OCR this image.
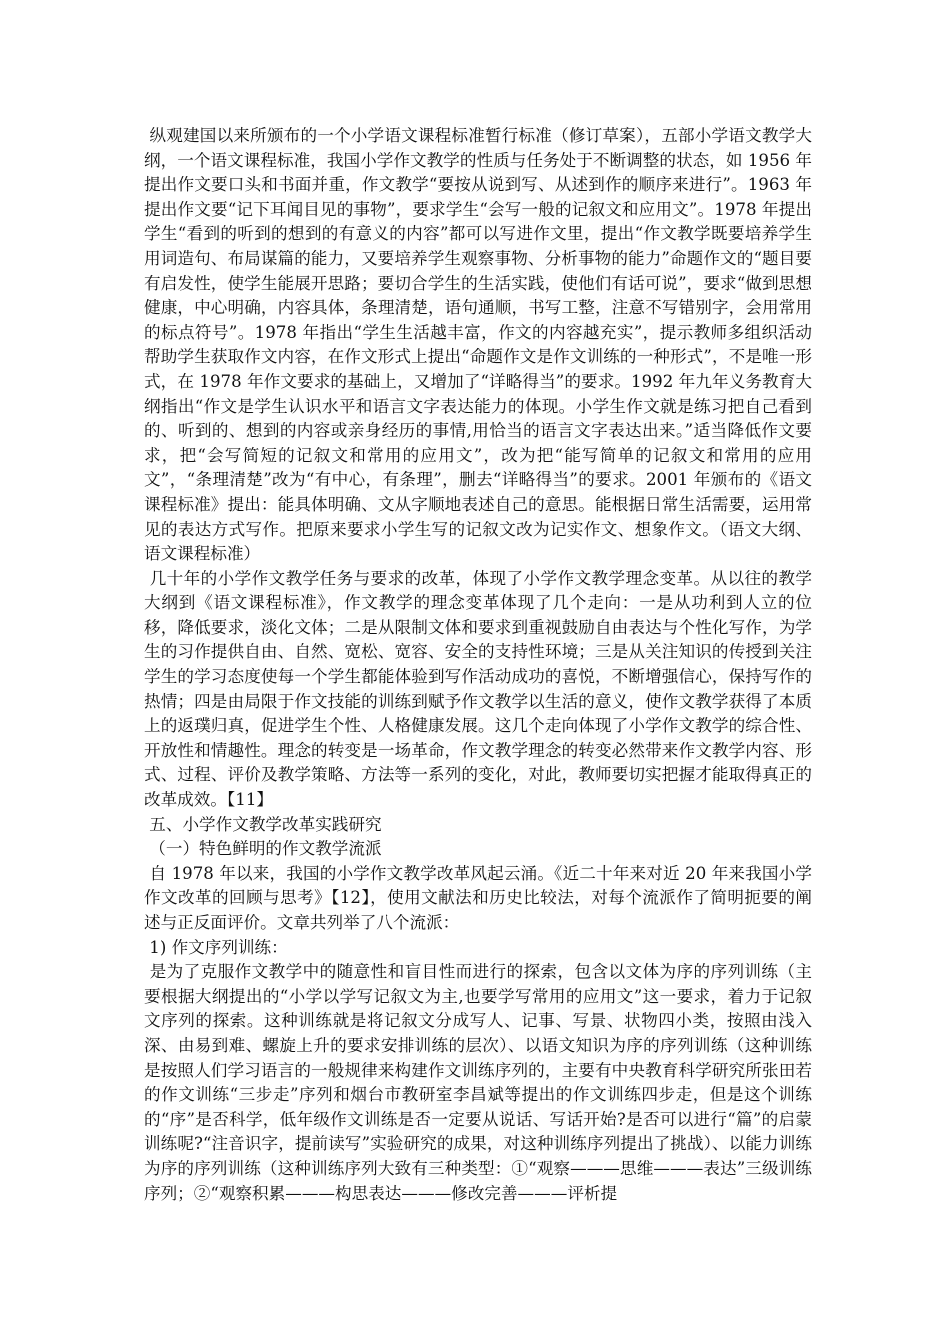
纵观建国以来所颁布的一个小学语文课程标准暂行标准（修订草案），五部小学语文教学大纲，一个语文课程标准，我国小学作文教学的性质与任务处于不断调整的状态，如 1956 年提出作文要口头和书面并重，作文教学“要按从说到写、从述到作的顺序来进行”。1963 年提出作文要“记下耳闻目见的事物”，要求学生“会写一般的记叙文和应用文”。1978 年提出学生“看到的听到的想到的有意义的内容”都可以写进作文里，提出“作文教学既要培养学生用词造句、布局谋篇的能力，又要培养学生观察事物、分析事物的能力”命题作文的“题目要有启发性，使学生能展开思路；要切合学生的生活实践，使他们有话可说”，要求“做到思想健康，中心明确，内容具体，条理清楚，语句通顺，书写工整，注意不写错别字，会用常用的标点符号”。1978 年指出“学生生活越丰富，作文的内容越充实”，提示教师多组织活动帮助学生获取作文内容，在作文形式上提出“命题作文是作文训练的一种形式”，不是唯一形式，在 1978 年作文要求的基础上，又增加了“详略得当”的要求。1992 年九年义务教育大纲指出“作文是学生认识水平和语言文字表达能力的体现。小学生作文就是练习把自己看到的、听到的、想到的内容或亲身经历的事情,用恰当的语言文字表达出来。”适当降低作文要求，把“会写简短的记叙文和常用的应用文”，改为把“能写简单的记叙文和常用的应用文”，“条理清楚”改为“有中心，有条理”，删去“详略得当”的要求。2001 年颁布的《语文课程标准》提出：能具体明确、文从字顺地表述自己的意思。能根据日常生活需要，运用常见的表达方式写作。把原来要求小学生写的记叙文改为记实作文、想象作文。（语文大纲、语文课程标准）

几十年的小学作文教学任务与要求的改革，体现了小学作文教学理念变革。从以往的教学大纲到《语文课程标准》，作文教学的理念变革体现了几个走向：一是从功利到人立的位移，降低要求，淡化文体；二是从限制文体和要求到重视鼓励自由表达与个性化写作，为学生的习作提供自由、自然、宽松、宽容、安全的支持性环境；三是从关注知识的传授到关注学生的学习态度使每一个学生都能体验到写作活动成功的喜悦，不断增强信心，保持写作的热情；四是由局限于作文技能的训练到赋予作文教学以生活的意义，使作文教学获得了本质上的返璞归真，促进学生个性、人格健康发展。这几个走向体现了小学作文教学的综合性、开放性和情趣性。理念的转变是一场革命，作文教学理念的转变必然带来作文教学内容、形式、过程、评价及教学策略、方法等一系列的变化，对此，教师要切实把握才能取得真正的改革成效。【11】

五、小学作文教学改革实践研究

（一）特色鲜明的作文教学流派

自 1978 年以来，我国的小学作文教学改革风起云涌。《近二十年来对近 20 年来我国小学作文改革的回顾与思考》【12】，使用文献法和历史比较法，对每个流派作了简明扼要的阐述与正反面评价。文章共列举了八个流派：

1) 作文序列训练：

是为了克服作文教学中的随意性和盲目性而进行的探索，包含以文体为序的序列训练（主要根据大纲提出的“小学以学写记叙文为主,也要学写常用的应用文”这一要求，着力于记叙文序列的探索。这种训练就是将记叙文分成写人、记事、写景、状物四小类，按照由浅入深、由易到难、螺旋上升的要求安排训练的层次）、以语文知识为序的序列训练（这种训练是按照人们学习语言的一般规律来构建作文训练序列的，主要有中央教育科学研究所张田若的作文训练“三步走”序列和烟台市教研室李昌斌等提出的作文训练四步走，但是这个训练的“序”是否科学，低年级作文训练是否一定要从说话、写话开始?是否可以进行“篇”的启蒙训练呢?“注音识字，提前读写”实验研究的成果，对这种训练序列提出了挑战）、以能力训练为序的序列训练（这种训练序列大致有三种类型：①“观察———思维———表达”三级训练序列；②“观察积累———构思表达———修改完善———评析提
